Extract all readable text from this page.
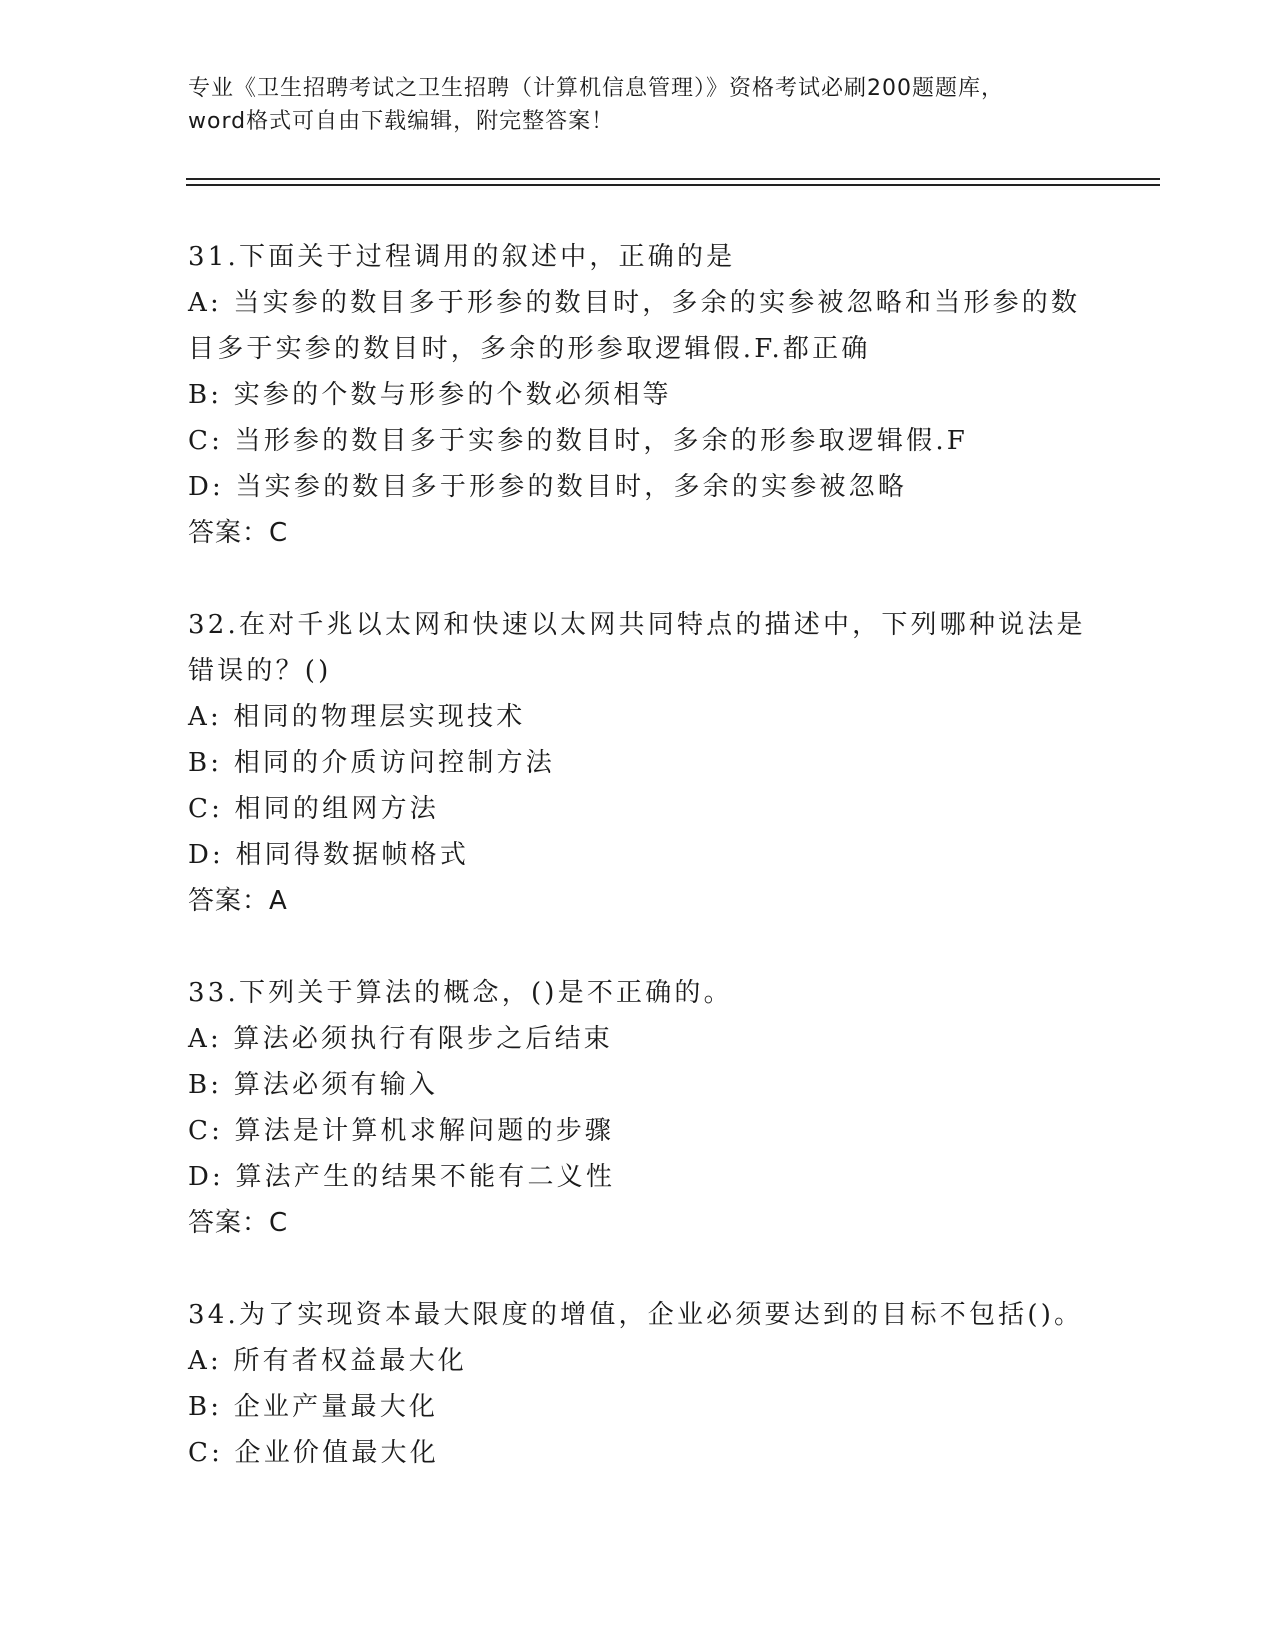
专业《卫生招聘考试之卫生招聘（计算机信息管理）》资格考试必刷200题题库，
word格式可自由下载编辑，附完整答案！
31.下面关于过程调用的叙述中，正确的是
A: 当实参的数目多于形参的数目时，多余的实参被忽略和当形参的数
目多于实参的数目时，多余的形参取逻辑假.F.都正确
B: 实参的个数与形参的个数必须相等
C: 当形参的数目多于实参的数目时，多余的形参取逻辑假.F
D: 当实参的数目多于形参的数目时，多余的实参被忽略
答案：C
32.在对千兆以太网和快速以太网共同特点的描述中，下列哪种说法是
错误的？()
A: 相同的物理层实现技术
B: 相同的介质访问控制方法
C: 相同的组网方法
D: 相同得数据帧格式
答案：A
33.下列关于算法的概念，()是不正确的。
A: 算法必须执行有限步之后结束
B: 算法必须有输入
C: 算法是计算机求解问题的步骤
D: 算法产生的结果不能有二义性
答案：C
34.为了实现资本最大限度的增值，企业必须要达到的目标不包括()。
A: 所有者权益最大化
B: 企业产量最大化
C: 企业价值最大化
